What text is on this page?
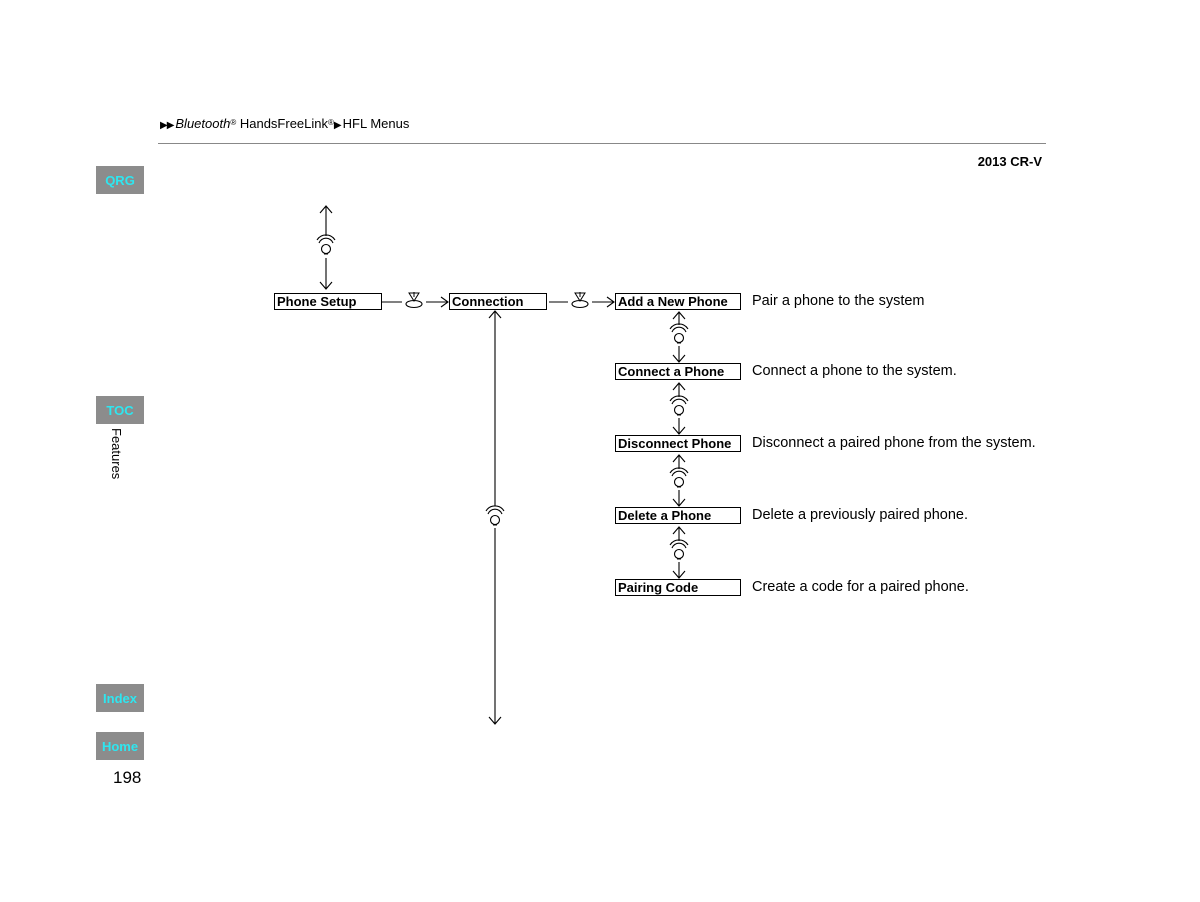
▶▶ Bluetooth® HandsFreeLink®▶ HFL Menus
2013 CR-V
QRG
TOC
Features
Index
Home
198
Phone Setup	Connection	Add a New Phone	Pair a phone to the system
Connect a Phone	Connect a phone to the system.
Disconnect Phone	Disconnect a paired phone from the system.
Delete a Phone	Delete a previously paired phone.
Pairing Code	Create a code for a paired phone.
